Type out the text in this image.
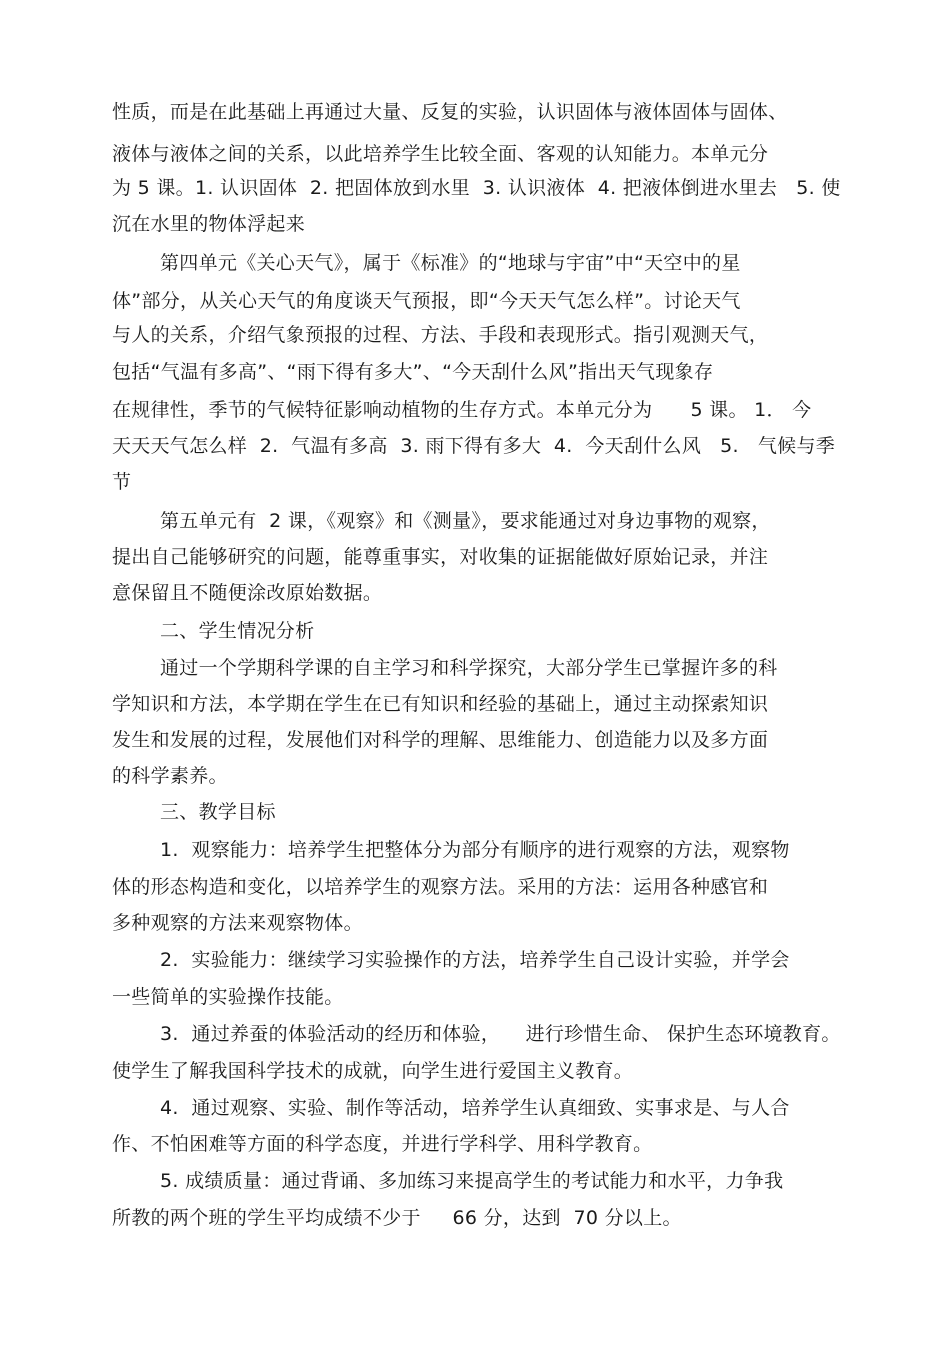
性质，而是在此基础上再通过大量、反复的实验，认识固体与液体固体与固体、
液体与液体之间的关系，以此培养学生比较全面、客观的认知能力。本单元分
为 5 课。1. 认识固体  2. 把固体放到水里  3. 认识液体  4. 把液体倒进水里去   5. 使
沉在水里的物体浮起来
第四单元《关心天气》，属于《标准》的“地球与宇宙”中“天空中的星
体”部分，从关心天气的角度谈天气预报，即“今天天气怎么样”。讨论天气
与人的关系，介绍气象预报的过程、方法、手段和表现形式。指引观测天气，
包括“气温有多高”、“雨下得有多大”、“今天刮什么风”指出天气现象存
在规律性，季节的气候特征影响动植物的生存方式。本单元分为      5 课。 1． 今
天天天气怎么样  2.  气温有多高  3. 雨下得有多大  4.  今天刮什么风   5.   气候与季
节
第五单元有  2 课，《观察》和《测量》，要求能通过对身边事物的观察，
提出自己能够研究的问题，能尊重事实，对收集的证据能做好原始记录，并注
意保留且不随便涂改原始数据。
二、学生情况分析
通过一个学期科学课的自主学习和科学探究，大部分学生已掌握许多的科
学知识和方法，本学期在学生在已有知识和经验的基础上，通过主动探索知识
发生和发展的过程，发展他们对科学的理解、思维能力、创造能力以及多方面
的科学素养。
三、教学目标
1.  观察能力：培养学生把整体分为部分有顺序的进行观察的方法，观察物
体的形态构造和变化，以培养学生的观察方法。采用的方法：运用各种感官和
多种观察的方法来观察物体。
2.  实验能力：继续学习实验操作的方法，培养学生自己设计实验，并学会
一些简单的实验操作技能。
3.  通过养蚕的体验活动的经历和体验，    进行珍惜生命、 保护生态环境教育。
使学生了解我国科学技术的成就，向学生进行爱国主义教育。
4.  通过观察、实验、制作等活动，培养学生认真细致、实事求是、与人合
作、不怕困难等方面的科学态度，并进行学科学、用科学教育。
5. 成绩质量：通过背诵、多加练习来提高学生的考试能力和水平，力争我
所教的两个班的学生平均成绩不少于     66 分，达到  70 分以上。
